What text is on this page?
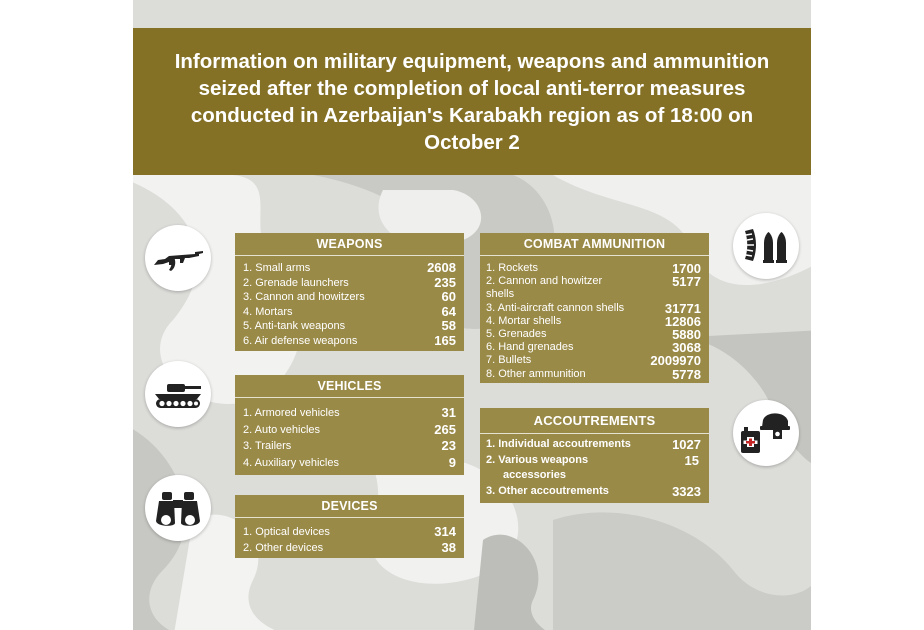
Information on military equipment, weapons and ammunition seized after the completion of local anti-terror measures conducted in Azerbaijan's Karabakh region as of 18:00 on October 2
WEAPONS
1. Small arms	2608
2. Grenade launchers	235
3. Cannon and howitzers	60
4. Mortars	64
5. Anti-tank weapons	58
6. Air defense weapons	165
VEHICLES
1. Armored vehicles	31
2. Auto vehicles	265
3. Trailers	23
4. Auxiliary vehicles	9
DEVICES
1. Optical devices	314
2. Other devices	38
COMBAT AMMUNITION
1. Rockets	1700
2. Cannon and howitzer	5177
shells
3. Anti-aircraft cannon shells	31771
4. Mortar shells	12806
5. Grenades	5880
6. Hand grenades	3068
7. Bullets	2009970
8. Other ammunition	5778
ACCOUTREMENTS
1. Individual accoutrements	1027
2. Various weapons	15
accessories
3. Other accoutrements	3323
